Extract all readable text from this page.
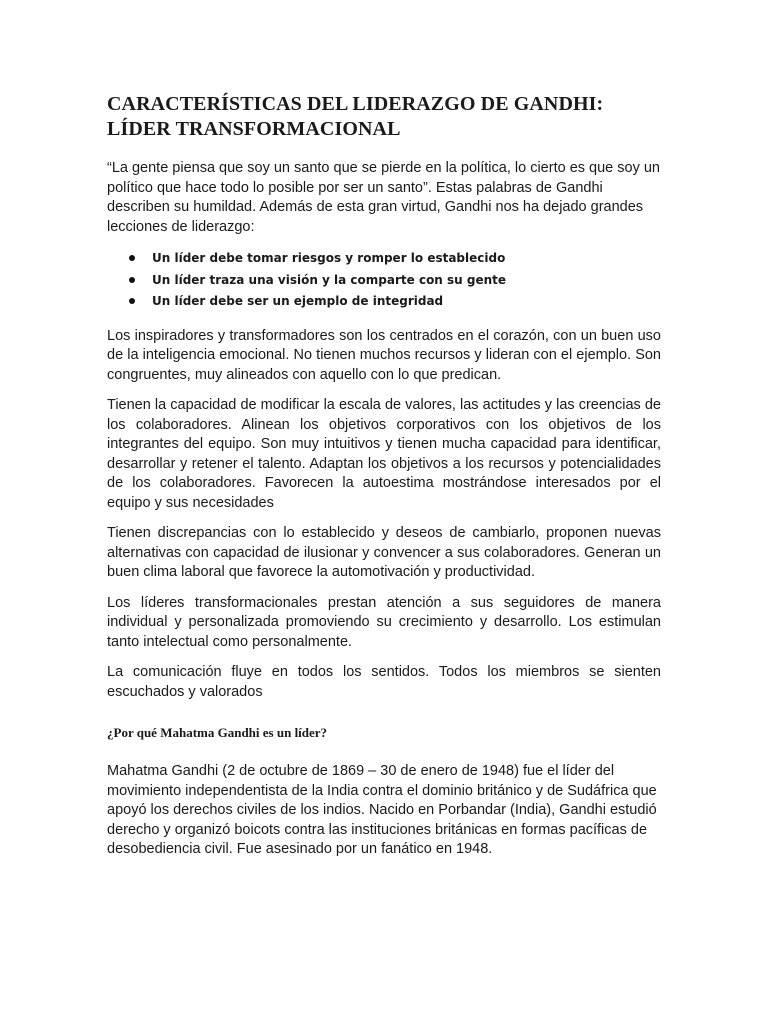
CARACTERÍSTICAS DEL LIDERAZGO DE GANDHI:
LÍDER TRANSFORMACIONAL

“La gente piensa que soy un santo que se pierde en la política, lo cierto es que soy un político que hace todo lo posible por ser un santo”. Estas palabras de Gandhi describen su humildad. Además de esta gran virtud, Gandhi nos ha dejado grandes lecciones de liderazgo:

Un líder debe tomar riesgos y romper lo establecido
Un líder traza una visión y la comparte con su gente
Un líder debe ser un ejemplo de integridad

Los inspiradores y transformadores son los centrados en el corazón, con un buen uso de la inteligencia emocional. No tienen muchos recursos y lideran con el ejemplo. Son congruentes, muy alineados con aquello con lo que predican.

Tienen la capacidad de modificar la escala de valores, las actitudes y las creencias de los colaboradores. Alinean los objetivos corporativos con los objetivos de los integrantes del equipo. Son muy intuitivos y tienen mucha capacidad para identificar, desarrollar y retener el talento. Adaptan los objetivos a los recursos y potencialidades de los colaboradores. Favorecen la autoestima mostrándose interesados por el equipo y sus necesidades

Tienen discrepancias con lo establecido y deseos de cambiarlo, proponen nuevas alternativas con capacidad de ilusionar y convencer a sus colaboradores. Generan un buen clima laboral que favorece la automotivación y productividad.

Los líderes transformacionales prestan atención a sus seguidores de manera individual y personalizada promoviendo su crecimiento y desarrollo. Los estimulan tanto intelectual como personalmente.

La comunicación fluye en todos los sentidos. Todos los miembros se sienten escuchados y valorados

¿Por qué Mahatma Gandhi es un líder?

Mahatma Gandhi (2 de octubre de 1869 – 30 de enero de 1948) fue el líder del movimiento independentista de la India contra el dominio británico y de Sudáfrica que apoyó los derechos civiles de los indios. Nacido en Porbandar (India), Gandhi estudió derecho y organizó boicots contra las instituciones británicas en formas pacíficas de desobediencia civil. Fue asesinado por un fanático en 1948.
